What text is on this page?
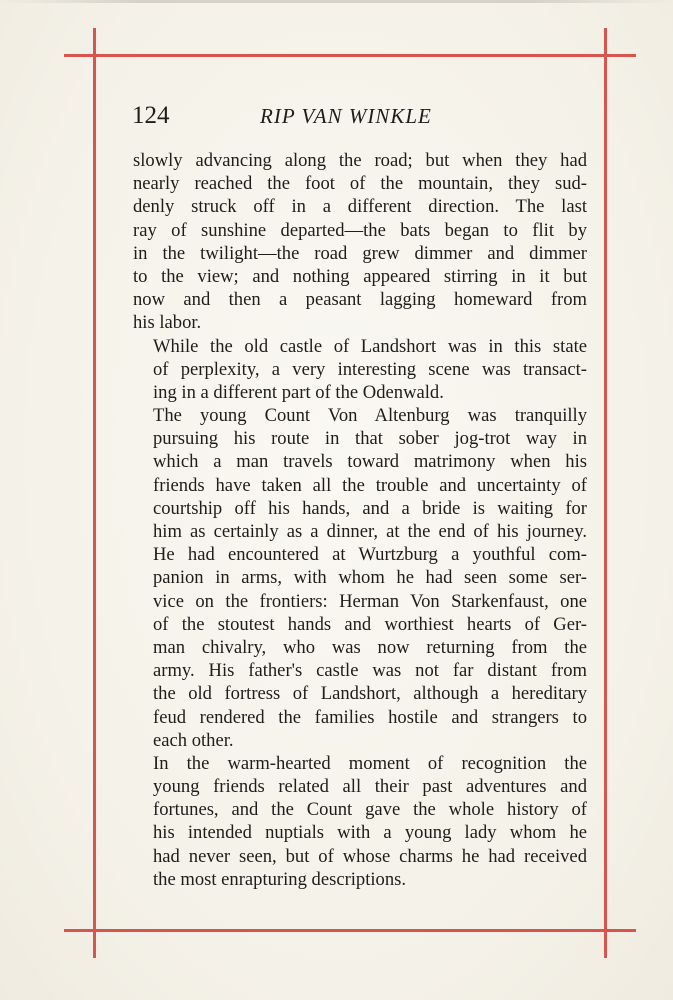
124	RIP VAN WINKLE
slowly advancing along the road; but when they had
nearly reached the foot of the mountain, they sud-
denly struck off in a different direction. The last
ray of sunshine departed—the bats began to flit by
in the twilight—the road grew dimmer and dimmer
to the view; and nothing appeared stirring in it but
now and then a peasant lagging homeward from
his labor.
While the old castle of Landshort was in this state
of perplexity, a very interesting scene was transact-
ing in a different part of the Odenwald.
The young Count Von Altenburg was tranquilly
pursuing his route in that sober jog-trot way in
which a man travels toward matrimony when his
friends have taken all the trouble and uncertainty of
courtship off his hands, and a bride is waiting for
him as certainly as a dinner, at the end of his journey.
He had encountered at Wurtzburg a youthful com-
panion in arms, with whom he had seen some ser-
vice on the frontiers: Herman Von Starkenfaust, one
of the stoutest hands and worthiest hearts of Ger-
man chivalry, who was now returning from the
army. His father's castle was not far distant from
the old fortress of Landshort, although a hereditary
feud rendered the families hostile and strangers to
each other.
In the warm-hearted moment of recognition the
young friends related all their past adventures and
fortunes, and the Count gave the whole history of
his intended nuptials with a young lady whom he
had never seen, but of whose charms he had received
the most enrapturing descriptions.
